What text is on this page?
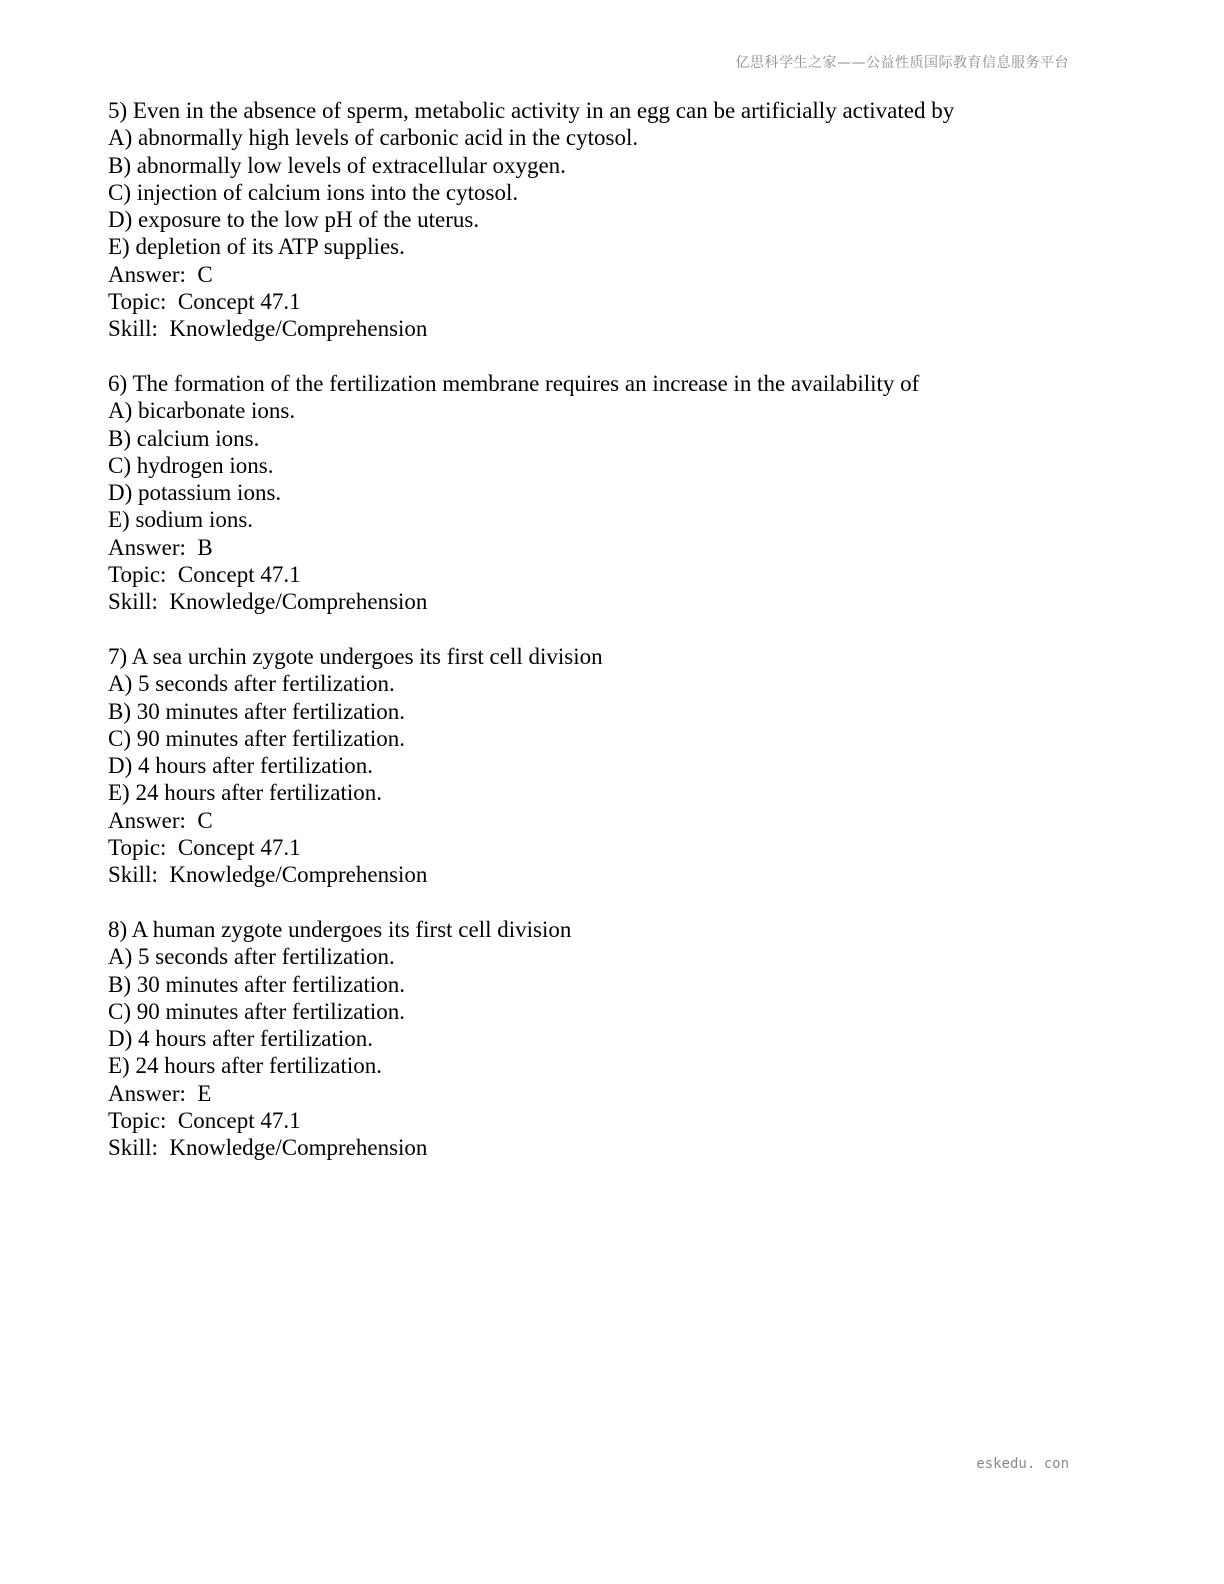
亿思科学生之家——公益性质国际教育信息服务平台
5) Even in the absence of sperm, metabolic activity in an egg can be artificially activated by
A) abnormally high levels of carbonic acid in the cytosol.
B) abnormally low levels of extracellular oxygen.
C) injection of calcium ions into the cytosol.
D) exposure to the low pH of the uterus.
E) depletion of its ATP supplies.
Answer:  C
Topic:  Concept 47.1
Skill:  Knowledge/Comprehension
6) The formation of the fertilization membrane requires an increase in the availability of
A) bicarbonate ions.
B) calcium ions.
C) hydrogen ions.
D) potassium ions.
E) sodium ions.
Answer:  B
Topic:  Concept 47.1
Skill:  Knowledge/Comprehension
7) A sea urchin zygote undergoes its first cell division
A) 5 seconds after fertilization.
B) 30 minutes after fertilization.
C) 90 minutes after fertilization.
D) 4 hours after fertilization.
E) 24 hours after fertilization.
Answer:  C
Topic:  Concept 47.1
Skill:  Knowledge/Comprehension
8) A human zygote undergoes its first cell division
A) 5 seconds after fertilization.
B) 30 minutes after fertilization.
C) 90 minutes after fertilization.
D) 4 hours after fertilization.
E) 24 hours after fertilization.
Answer:  E
Topic:  Concept 47.1
Skill:  Knowledge/Comprehension
eskedu. con
